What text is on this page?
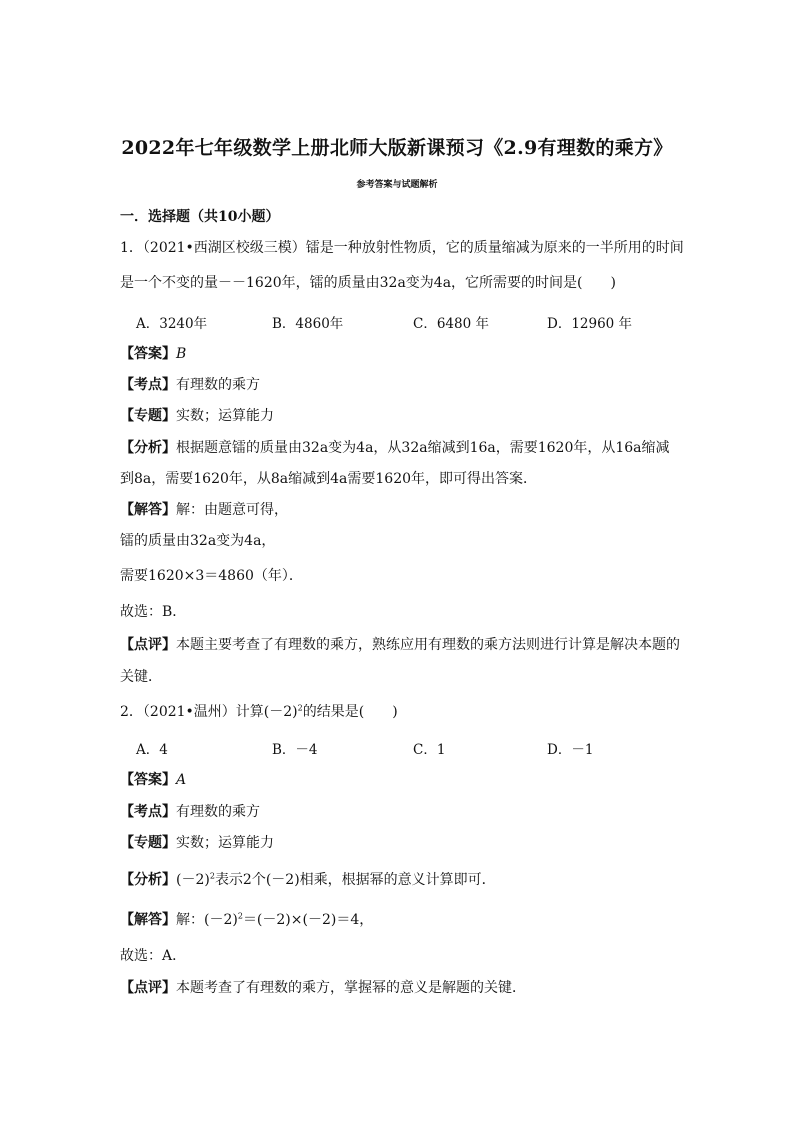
2022年七年级数学上册北师大版新课预习《2.9有理数的乘方》
参考答案与试题解析
一．选择题（共10小题）
1．（2021•西湖区校级三模）镭是一种放射性物质，它的质量缩减为原来的一半所用的时间
是一个不变的量－－1620年，镭的质量由32a变为4a，它所需要的时间是(　　)
A．3240年	B．4860年	C．6480 年	D．12960 年
【答案】B
【考点】有理数的乘方
【专题】实数；运算能力
【分析】根据题意镭的质量由32a变为4a，从32a缩减到16a，需要1620年，从16a缩减
到8a，需要1620年，从8a缩减到4a需要1620年，即可得出答案．
【解答】解：由题意可得，
镭的质量由32a变为4a，
需要1620×3＝4860（年）．
故选：B．
【点评】本题主要考查了有理数的乘方，熟练应用有理数的乘方法则进行计算是解决本题的
关键．
2．（2021•温州）计算$(-2)^2$的结果是(　　)
A．4	B．－4	C．1	D．－1
【答案】A
【考点】有理数的乘方
【专题】实数；运算能力
【分析】$(-2)^2$表示2个(－2)相乘，根据幂的意义计算即可．
【解答】解：$(-2)^2=(-2)\times(-2)=4$，
故选：A．
【点评】本题考查了有理数的乘方，掌握幂的意义是解题的关键．
